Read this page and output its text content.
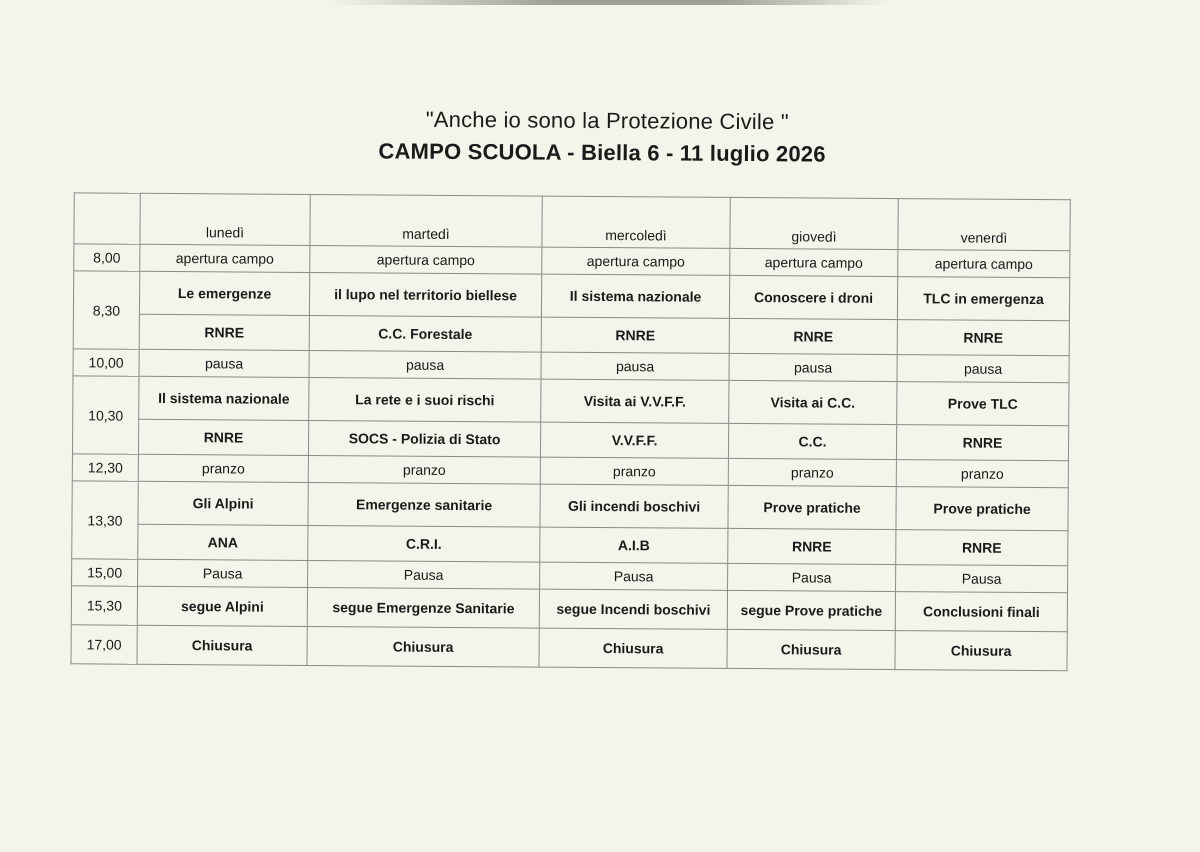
"Anche io sono la Protezione Civile "
CAMPO SCUOLA - Biella 6 - 11 luglio 2026
	lunedì	martedì	mercoledì	giovedì	venerdì
8,00	apertura campo	apertura campo	apertura campo	apertura campo	apertura campo
8,30	Le emergenze	il lupo nel territorio biellese	Il sistema nazionale	Conoscere i droni	TLC in emergenza
	RNRE	C.C. Forestale	RNRE	RNRE	RNRE
10,00	pausa	pausa	pausa	pausa	pausa
10,30	Il sistema nazionale	La rete e i suoi rischi	Visita ai V.V.F.F.	Visita ai C.C.	Prove TLC
	RNRE	SOCS - Polizia di Stato	V.V.F.F.	C.C.	RNRE
12,30	pranzo	pranzo	pranzo	pranzo	pranzo
13,30	Gli Alpini	Emergenze sanitarie	Gli incendi boschivi	Prove pratiche	Prove pratiche
	ANA	C.R.I.	A.I.B	RNRE	RNRE
15,00	Pausa	Pausa	Pausa	Pausa	Pausa
15,30	segue Alpini	segue Emergenze Sanitarie	segue Incendi boschivi	segue Prove pratiche	Conclusioni finali
17,00	Chiusura	Chiusura	Chiusura	Chiusura	Chiusura
